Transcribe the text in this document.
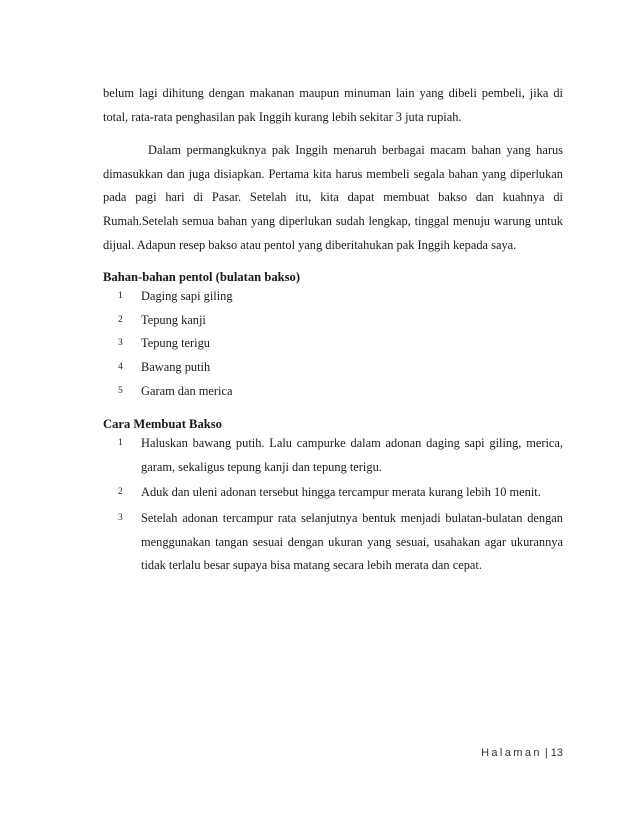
belum lagi dihitung dengan makanan maupun minuman lain yang dibeli pembeli, jika di total, rata-rata penghasilan pak Inggih kurang lebih sekitar 3 juta rupiah.

Dalam permangkuknya pak Inggih menaruh berbagai macam bahan yang harus dimasukkan dan juga disiapkan. Pertama kita harus membeli segala bahan yang diperlukan pada pagi hari di Pasar. Setelah itu, kita dapat membuat bakso dan kuahnya di Rumah.Setelah semua bahan yang diperlukan sudah lengkap, tinggal menuju warung untuk dijual. Adapun resep bakso atau pentol yang diberitahukan pak Inggih kepada saya.

Bahan-bahan pentol (bulatan bakso)

1 Daging sapi giling
2 Tepung kanji
3 Tepung terigu
4 Bawang putih
5 Garam dan merica

Cara Membuat Bakso

1 Haluskan bawang putih. Lalu campurke dalam adonan daging sapi giling, merica, garam, sekaligus tepung kanji dan tepung terigu.
2 Aduk dan uleni adonan tersebut hingga tercampur merata kurang lebih 10 menit.
3 Setelah adonan tercampur rata selanjutnya bentuk menjadi bulatan-bulatan dengan menggunakan tangan sesuai dengan ukuran yang sesuai, usahakan agar ukurannya tidak terlalu besar supaya bisa matang secara lebih merata dan cepat.
Halaman | 13
